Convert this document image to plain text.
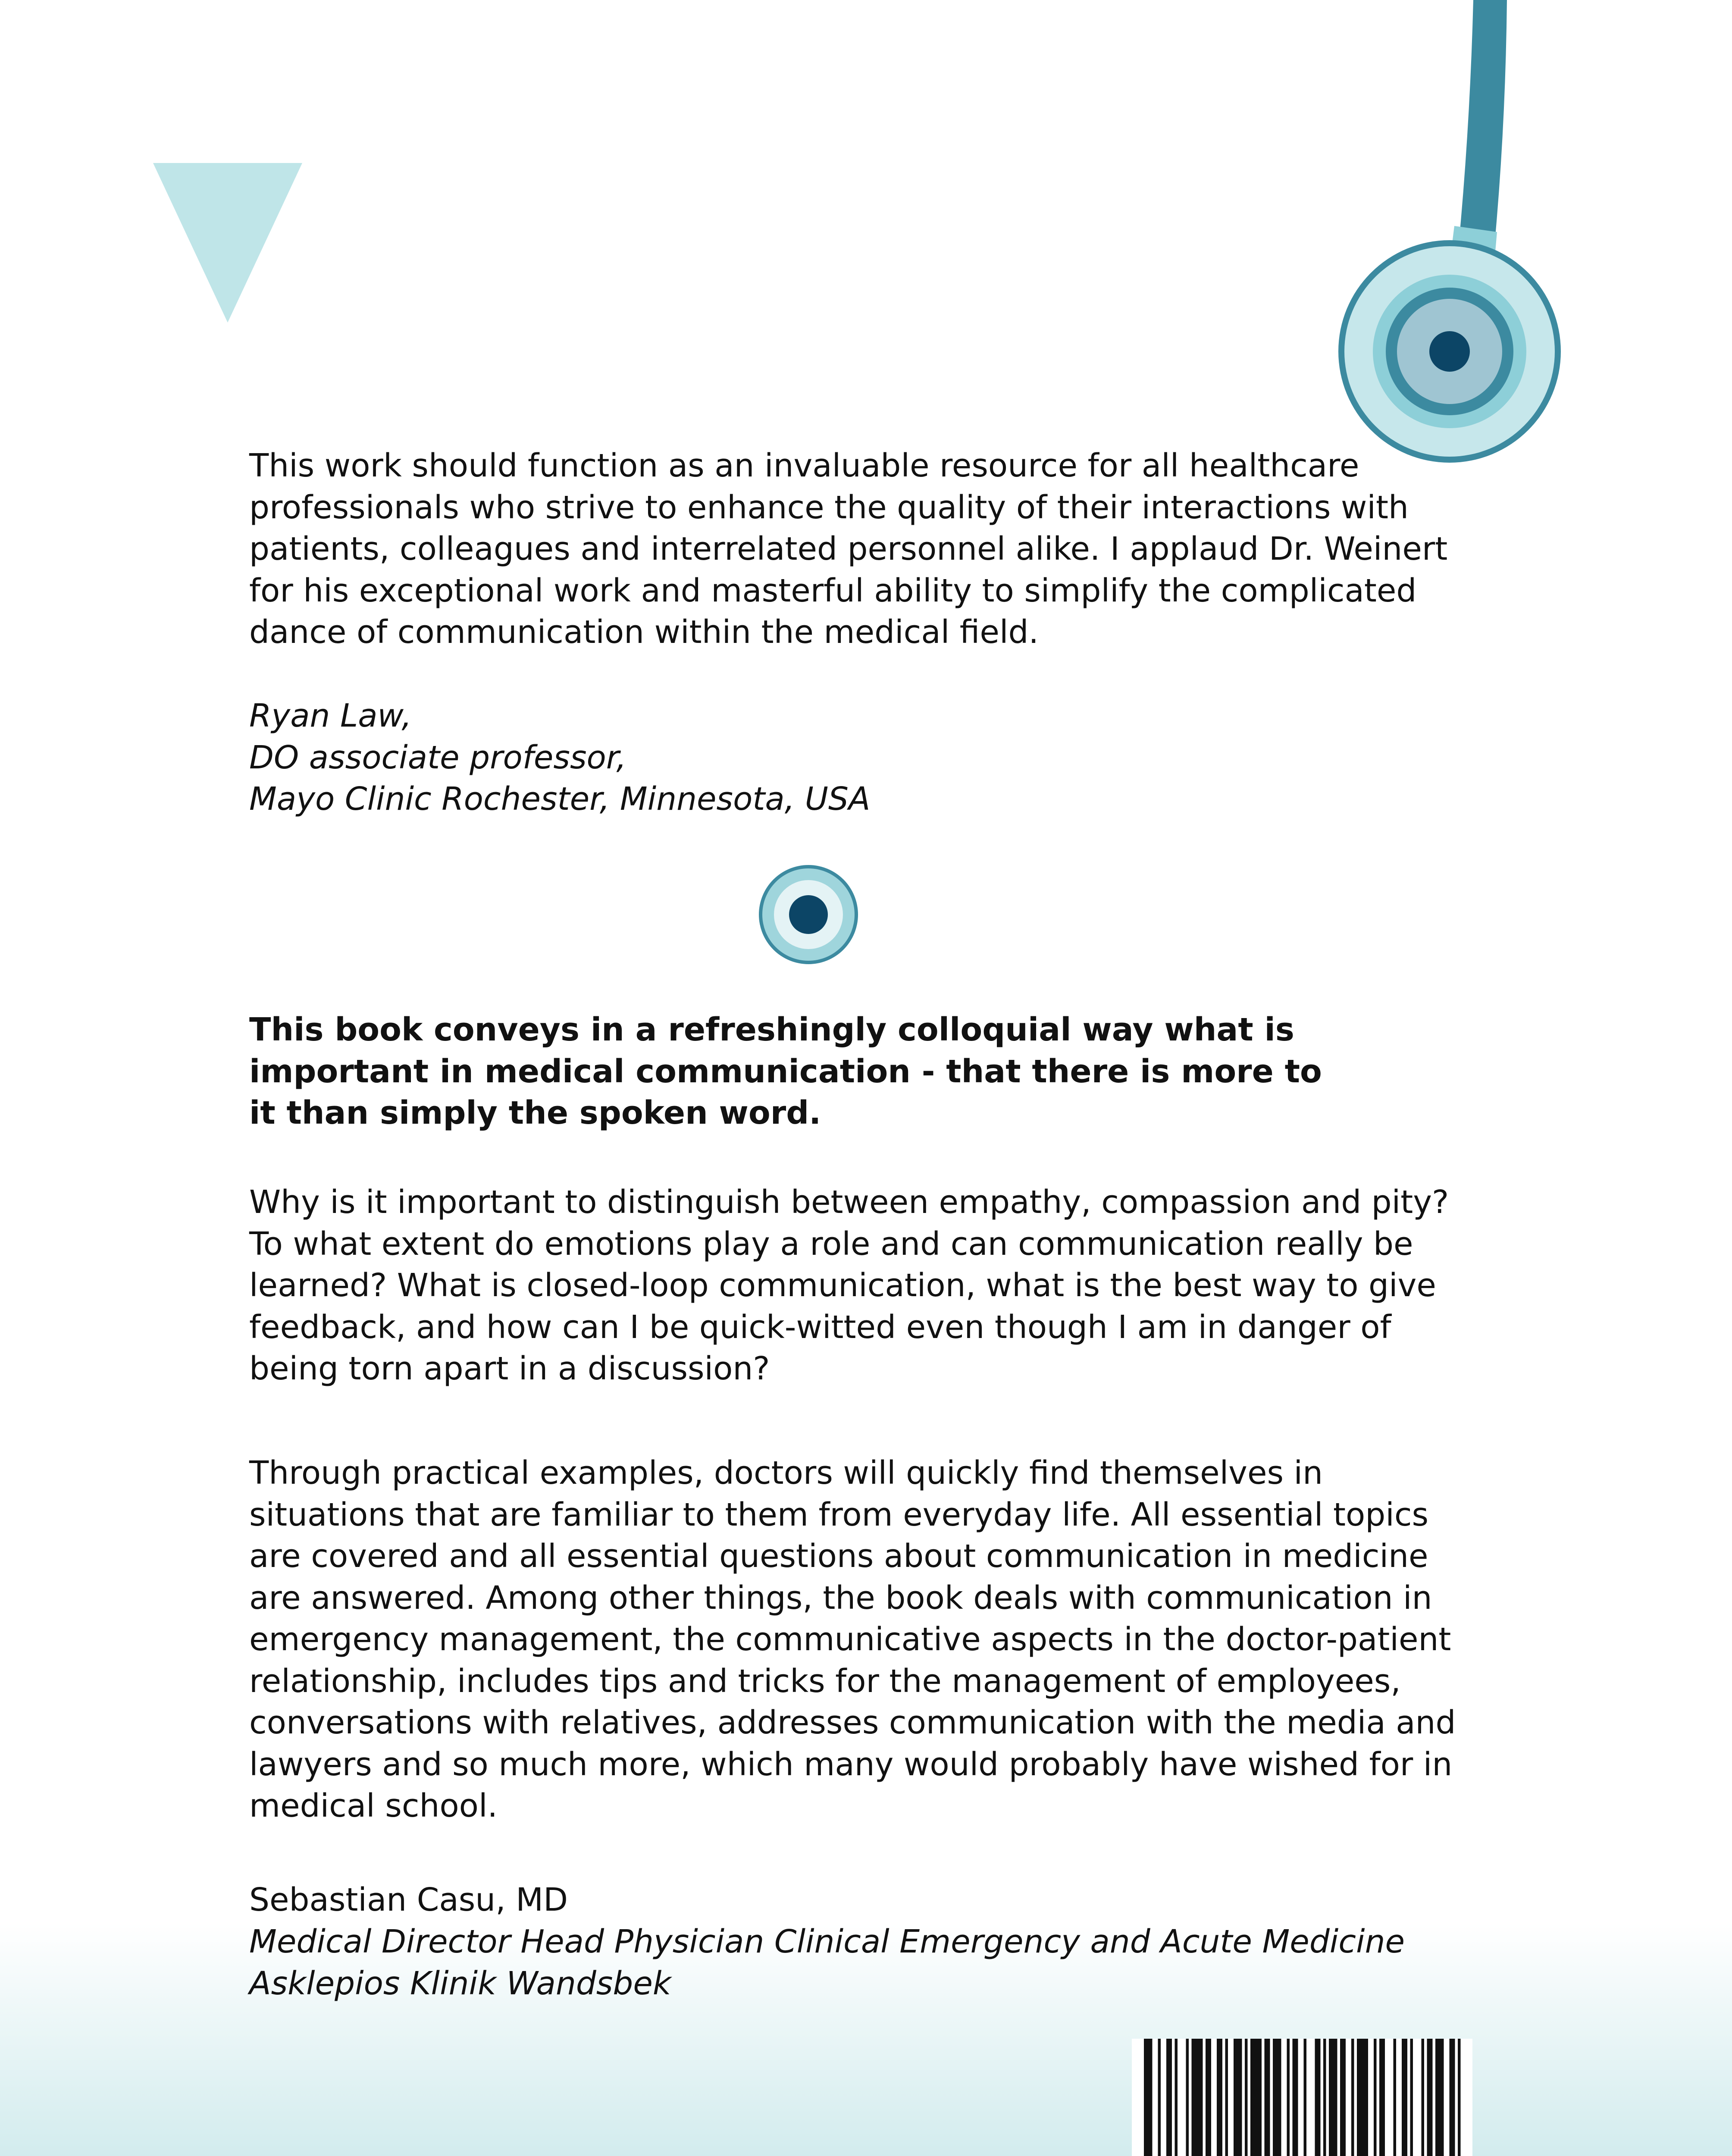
This work should function as an invaluable resource for all healthcare
professionals who strive to enhance the quality of their interactions with
patients, colleagues and interrelated personnel alike. I applaud Dr. Weinert
for his exceptional work and masterful ability to simplify the complicated
dance of communication within the medical field.

Ryan Law,
DO associate professor,
Mayo Clinic Rochester, Minnesota, USA

This book conveys in a refreshingly colloquial way what is
important in medical communication - that there is more to
it than simply the spoken word.

Why is it important to distinguish between empathy, compassion and pity?
To what extent do emotions play a role and can communication really be
learned? What is closed-loop communication, what is the best way to give
feedback, and how can I be quick-witted even though I am in danger of
being torn apart in a discussion?

Through practical examples, doctors will quickly find themselves in
situations that are familiar to them from everyday life. All essential topics
are covered and all essential questions about communication in medicine
are answered. Among other things, the book deals with communication in
emergency management, the communicative aspects in the doctor-patient
relationship, includes tips and tricks for the management of employees,
conversations with relatives, addresses communication with the media and
lawyers and so much more, which many would probably have wished for in
medical school.

Sebastian Casu, MD

Medical Director Head Physician Clinical Emergency and Acute Medicine
Asklepios Klinik Wandsbek
